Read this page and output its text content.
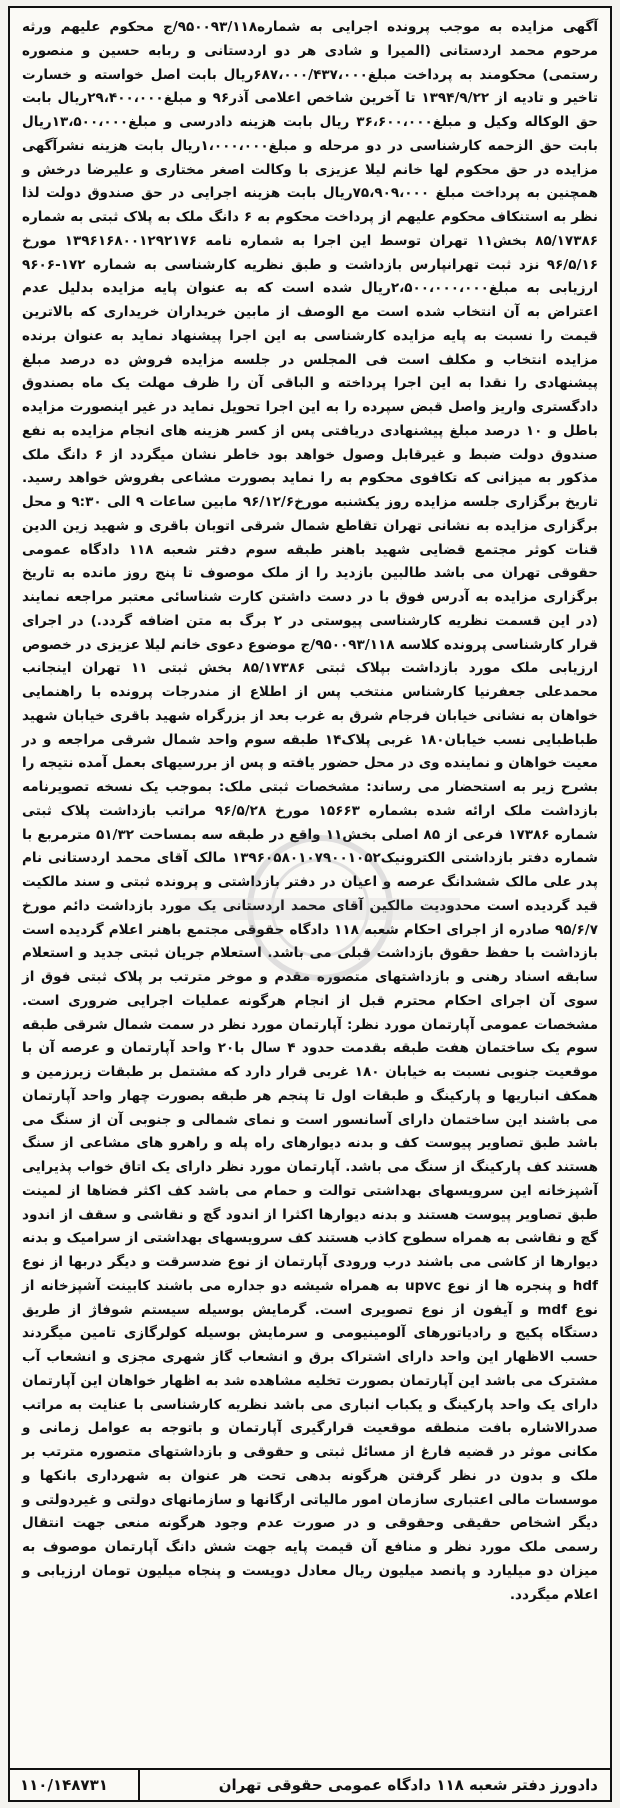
آگهی مزایده به موجب پرونده اجرایی به شماره۹۵۰۰۹۳/۱۱۸/ج محکوم علیهم ورثه مرحوم محمد اردستانی (المیرا و شادی هر دو اردستانی و ربابه حسین و منصوره رستمی) محکومند به پرداخت مبلغ۶۸۷،۰۰۰/۴۳۷،۰۰۰ریال بابت اصل خواسته و خسارت تاخیر و تادیه از ۱۳۹۴/۹/۲۲ تا آخرین شاخص اعلامی آذر۹۶ و مبلغ۲۹،۴۰۰،۰۰۰ریال بابت حق الوکاله وکیل و مبلغ۳۶،۶۰۰،۰۰۰ ریال بابت هزینه دادرسی و مبلغ۱۳،۵۰۰،۰۰۰ریال بابت حق الزحمه کارشناسی در دو مرحله و مبلغ۱،۰۰۰،۰۰۰ریال بابت هزینه نشرآگهی مزایده در حق محکوم لها خانم لیلا عزیزی با وکالت اصغر مختاری و علیرضا درخش و همچنین به پرداخت مبلغ ۷۵،۹۰۹،۰۰۰ریال بابت هزینه اجرایی در حق صندوق دولت لذا نظر به استنکاف محکوم علیهم از پرداخت محکوم به ۶ دانگ ملک به پلاک ثبتی به شماره ۸۵/۱۷۳۸۶ بخش۱۱ تهران توسط این اجرا به شماره نامه ۱۳۹۶۱۶۸۰۰۱۲۹۲۱۷۶ مورخ ۹۶/۵/۱۶ نزد ثبت تهرانپارس بازداشت و طبق نظریه کارشناسی به شماره ۱۷۲-۹۶۰۶ ارزیابی به مبلغ۲،۵۰۰،۰۰۰،۰۰۰ریال شده است که به عنوان پایه مزایده بدلیل عدم اعتراض به آن انتخاب شده است مع الوصف از مابین خریداران خریداری که بالاترین قیمت را نسبت به پایه مزایده کارشناسی به این اجرا پیشنهاد نماید به عنوان برنده مزایده انتخاب و مکلف است فی المجلس در جلسه مزایده فروش ده درصد مبلغ پیشنهادی را نقدا به این اجرا پرداخته و الباقی آن را ظرف مهلت یک ماه بصندوق دادگستری واریز واصل قبض سپرده را به این اجرا تحویل نماید در غیر اینصورت مزایده باطل و ۱۰ درصد مبلغ پیشنهادی دریافتی پس از کسر هزینه های انجام مزایده به نفع صندوق دولت ضبط و غیرقابل وصول خواهد بود خاطر نشان میگردد از ۶ دانگ ملک مذکور به میزانی که تکافوی محکوم به را نماید بصورت مشاعی بفروش خواهد رسید. تاریخ برگزاری جلسه مزایده روز یکشنبه مورخ۹۶/۱۲/۶ مابین ساعات ۹ الی ۹:۳۰ و محل برگزاری مزایده به نشانی تهران تقاطع شمال شرقی اتوبان باقری و شهید زین الدین قنات کوثر مجتمع قضایی شهید باهنر طبقه سوم دفتر شعبه ۱۱۸ دادگاه عمومی حقوقی تهران می باشد طالبین بازدید را از ملک موصوف تا پنج روز مانده به تاریخ برگزاری مزایده به آدرس فوق با در دست داشتن کارت شناسائی معتبر مراجعه نمایند (در این قسمت نظریه کارشناسی پیوستی در ۲ برگ به متن اضافه گردد.) در اجرای قرار کارشناسی پرونده کلاسه ۹۵۰۰۹۳/۱۱۸/ج موضوع دعوی خانم لیلا عزیزی در خصوص ارزیابی ملک مورد بازداشت بپلاک ثبتی ۸۵/۱۷۳۸۶ بخش ثبتی ۱۱ تهران اینجانب محمدعلی جعفرنیا کارشناس منتخب پس از اطلاع از مندرجات پرونده با راهنمایی خواهان به نشانی خیابان فرجام شرق به غرب بعد از بزرگراه شهید باقری خیابان شهید طباطبایی نسب خیابان۱۸۰ غربی پلاک۱۴ طبقه سوم واحد شمال شرقی مراجعه و در معیت خواهان و نماینده وی در محل حضور یافته و پس از بررسیهای بعمل آمده نتیجه را بشرح زیر به استحضار می رساند: مشخصات ثبتی ملک: بموجب یک نسخه تصویرنامه بازداشت ملک ارائه شده بشماره ۱۵۶۶۳ مورخ ۹۶/۵/۲۸ مراتب بازداشت پلاک ثبتی شماره ۱۷۳۸۶ فرعی از ۸۵ اصلی بخش۱۱ واقع در طبقه سه بمساحت ۵۱/۳۲ مترمربع با شماره دفتر بازداشتی الکترونیک۱۳۹۶۰۵۸۰۱۰۷۹۰۰۱۰۵۲ مالک آقای محمد اردستانی نام پدر علی مالک ششدانگ عرصه و اعیان در دفتر بازداشتی و پرونده ثبتی و سند مالکیت قید گردیده است محدودیت مالکین آقای محمد اردستانی یک مورد بازداشت دائم مورخ ۹۵/۶/۷ صادره از اجرای احکام شعبه ۱۱۸ دادگاه حقوقی مجتمع باهنر اعلام گردیده است بازداشت با حفظ حقوق بازداشت قبلی می باشد. استعلام جریان ثبتی جدید و استعلام سابقه اسناد رهنی و بازداشتهای متصوره مقدم و موخر مترتب بر پلاک ثبتی فوق از سوی آن اجرای احکام محترم قبل از انجام هرگونه عملیات اجرایی ضروری است. مشخصات عمومی آپارتمان مورد نظر: آپارتمان مورد نظر در سمت شمال شرقی طبقه سوم یک ساختمان هفت طبقه بقدمت حدود ۴ سال با۲۰ واحد آپارتمان و عرصه آن با موقعیت جنوبی نسبت به خیابان ۱۸۰ غربی قرار دارد که مشتمل بر طبقات زیرزمین و همکف انباریها و پارکینگ و طبقات اول تا پنجم هر طبقه بصورت چهار واحد آپارتمان می باشند این ساختمان دارای آسانسور است و نمای شمالی و جنوبی آن از سنگ می باشد طبق تصاویر پیوست کف و بدنه دیوارهای راه پله و راهرو های مشاعی از سنگ هستند کف پارکینگ از سنگ می باشد. آپارتمان مورد نظر دارای یک اتاق خواب پذیرایی آشپزخانه این سرویسهای بهداشتی توالت و حمام می باشد کف اکثر فضاها از لمینت طبق تصاویر پیوست هستند و بدنه دیوارها اکثرا از اندود گچ و نقاشی و سقف از اندود گچ و نقاشی به همراه سطوح کاذب هستند کف سرویسهای بهداشتی از سرامیک و بدنه دیوارها از کاشی می باشند درب ورودی آپارتمان از نوع ضدسرقت و دیگر دربها از نوع hdf و پنجره ها از نوع upvc به همراه شیشه دو جداره می باشند کابینت آشپزخانه از نوع mdf و آیفون از نوع تصویری است. گرمایش بوسیله سیستم شوفاژ از طریق دستگاه پکیج و رادیاتورهای آلومینیومی و سرمایش بوسیله کولرگازی تامین میگردند حسب الاظهار این واحد دارای اشتراک برق و انشعاب گاز شهری مجزی و انشعاب آب مشترک می باشد این آپارتمان بصورت تخلیه مشاهده شد به اظهار خواهان این آپارتمان دارای یک واحد پارکینگ و یکباب انباری می باشد نظریه کارشناسی با عنایت به مراتب صدرالاشاره بافت منطقه موقعیت قرارگیری آپارتمان و باتوجه به عوامل زمانی و مکانی موثر در قضیه فارغ از مسائل ثبتی و حقوقی و بازداشتهای متصوره مترتب بر ملک و بدون در نظر گرفتن هرگونه بدهی تحت هر عنوان به شهرداری بانکها و موسسات مالی اعتباری سازمان امور مالیاتی ارگانها و سازمانهای دولتی و غیردولتی و دیگر اشخاص حقیقی وحقوقی و در صورت عدم وجود هرگونه منعی جهت انتقال رسمی ملک مورد نظر و منافع آن قیمت پایه جهت شش دانگ آپارتمان موصوف به میزان دو میلیارد و پانصد میلیون ریال معادل دویست و پنجاه میلیون تومان ارزیابی و اعلام میگردد.

۱۱۰/۱۴۸۷۳۱	دادورز دفتر شعبه ۱۱۸ دادگاه عمومی حقوقی تهران
